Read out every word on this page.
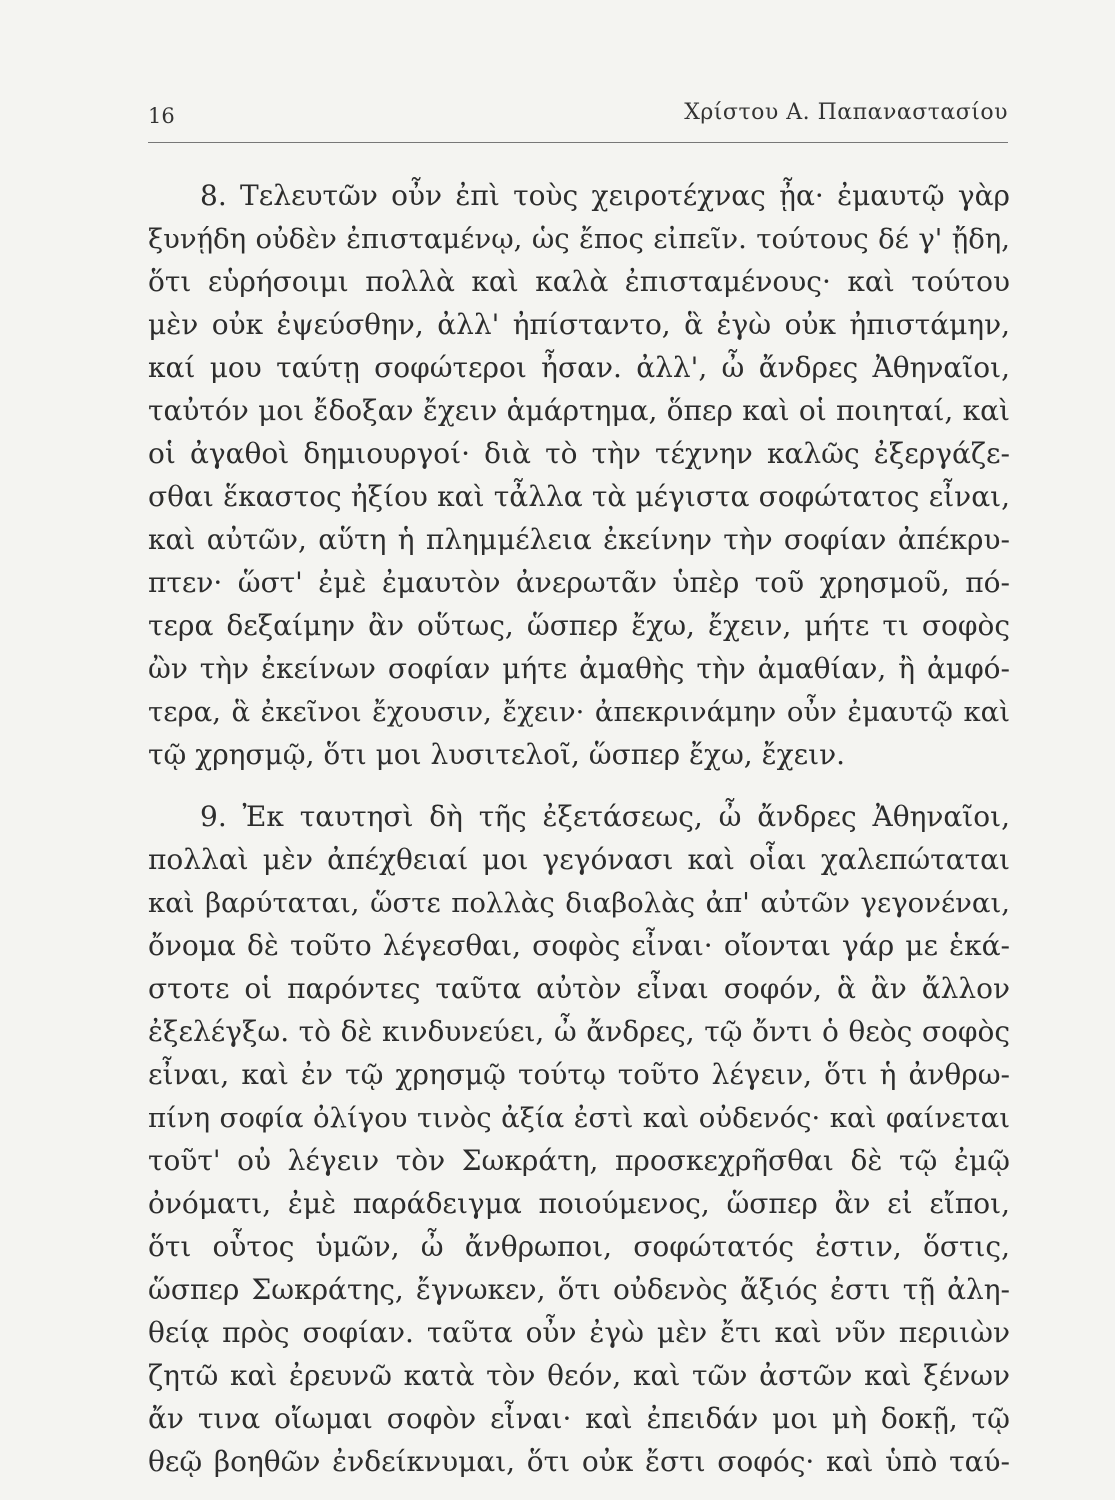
16	Χρίστου Α. Παπαναστασίου
8. Τελευτῶν οὖν ἐπὶ τοὺς χειροτέχνας ᾖα· ἐμαυτῷ γὰρ
ξυνῄδη οὐδὲν ἐπισταμένῳ, ὡς ἔπος εἰπεῖν. τούτους δέ γ' ᾔδη,
ὅτι εὑρήσοιμι πολλὰ καὶ καλὰ ἐπισταμένους· καὶ τούτου
μὲν οὐκ ἐψεύσθην, ἀλλ' ἠπίσταντο, ἃ ἐγὼ οὐκ ἠπιστάμην,
καί μου ταύτῃ σοφώτεροι ἦσαν. ἀλλ', ὦ ἄνδρες Ἀθηναῖοι,
ταὐτόν μοι ἔδοξαν ἔχειν ἁμάρτημα, ὅπερ καὶ οἱ ποιηταί, καὶ
οἱ ἀγαθοὶ δημιουργοί· διὰ τὸ τὴν τέχνην καλῶς ἐξεργάζε-
σθαι ἕκαστος ἠξίου καὶ τἆλλα τὰ μέγιστα σοφώτατος εἶναι,
καὶ αὐτῶν, αὕτη ἡ πλημμέλεια ἐκείνην τὴν σοφίαν ἀπέκρυ-
πτεν· ὥστ' ἐμὲ ἐμαυτὸν ἀνερωτᾶν ὑπὲρ τοῦ χρησμοῦ, πό-
τερα δεξαίμην ἂν οὕτως, ὥσπερ ἔχω, ἔχειν, μήτε τι σοφὸς
ὢν τὴν ἐκείνων σοφίαν μήτε ἀμαθὴς τὴν ἀμαθίαν, ἢ ἀμφό-
τερα, ἃ ἐκεῖνοι ἔχουσιν, ἔχειν· ἀπεκρινάμην οὖν ἐμαυτῷ καὶ
τῷ χρησμῷ, ὅτι μοι λυσιτελοῖ, ὥσπερ ἔχω, ἔχειν.
9. Ἐκ ταυτησὶ δὴ τῆς ἐξετάσεως, ὦ ἄνδρες Ἀθηναῖοι,
πολλαὶ μὲν ἀπέχθειαί μοι γεγόνασι καὶ οἷαι χαλεπώταται
καὶ βαρύταται, ὥστε πολλὰς διαβολὰς ἀπ' αὐτῶν γεγονέναι,
ὄνομα δὲ τοῦτο λέγεσθαι, σοφὸς εἶναι· οἴονται γάρ με ἑκά-
στοτε οἱ παρόντες ταῦτα αὐτὸν εἶναι σοφόν, ἃ ἂν ἄλλον
ἐξελέγξω. τὸ δὲ κινδυνεύει, ὦ ἄνδρες, τῷ ὄντι ὁ θεὸς σοφὸς
εἶναι, καὶ ἐν τῷ χρησμῷ τούτῳ τοῦτο λέγειν, ὅτι ἡ ἀνθρω-
πίνη σοφία ὀλίγου τινὸς ἀξία ἐστὶ καὶ οὐδενός· καὶ φαίνεται
τοῦτ' οὐ λέγειν τὸν Σωκράτη, προσκεχρῆσθαι δὲ τῷ ἐμῷ
ὀνόματι, ἐμὲ παράδειγμα ποιούμενος, ὥσπερ ἂν εἰ εἴποι,
ὅτι οὗτος ὑμῶν, ὦ ἄνθρωποι, σοφώτατός ἐστιν, ὅστις,
ὥσπερ Σωκράτης, ἔγνωκεν, ὅτι οὐδενὸς ἄξιός ἐστι τῇ ἀλη-
θείᾳ πρὸς σοφίαν. ταῦτα οὖν ἐγὼ μὲν ἔτι καὶ νῦν περιιὼν
ζητῶ καὶ ἐρευνῶ κατὰ τὸν θεόν, καὶ τῶν ἀστῶν καὶ ξένων
ἄν τινα οἴωμαι σοφὸν εἶναι· καὶ ἐπειδάν μοι μὴ δοκῇ, τῷ
θεῷ βοηθῶν ἐνδείκνυμαι, ὅτι οὐκ ἔστι σοφός· καὶ ὑπὸ ταύ-
